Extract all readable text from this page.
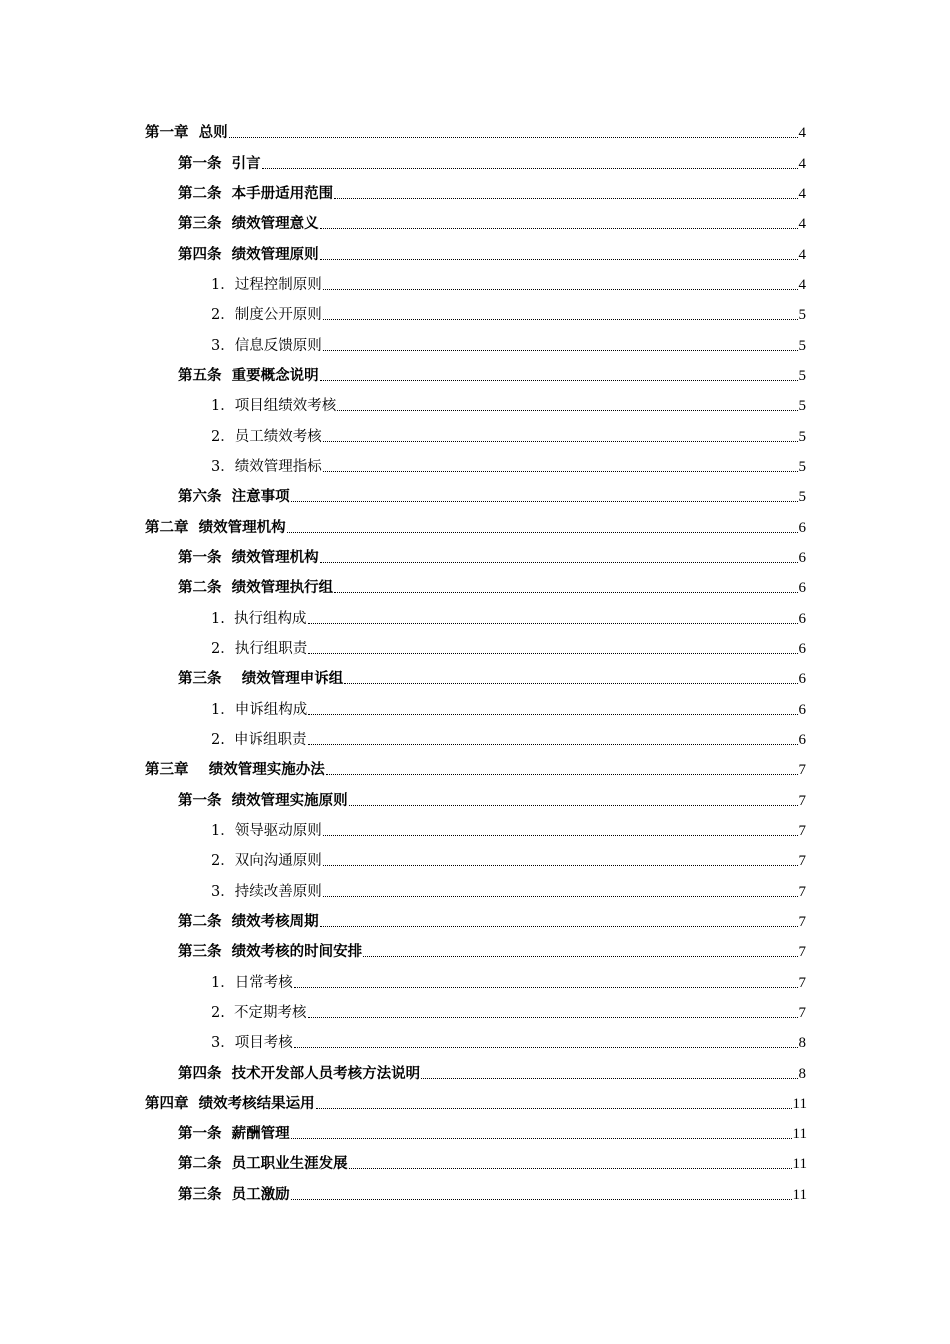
第一章  总则	4
第一条  引言	4
第二条  本手册适用范围	4
第三条  绩效管理意义	4
第四条  绩效管理原则	4
1．过程控制原则	4
2．制度公开原则	5
3．信息反馈原则	5
第五条  重要概念说明	5
1．项目组绩效考核	5
2．员工绩效考核	5
3．绩效管理指标	5
第六条  注意事项	5
第二章  绩效管理机构	6
第一条  绩效管理机构	6
第二条  绩效管理执行组	6
1.  执行组构成	6
2．执行组职责	6
第三条    绩效管理申诉组	6
1．申诉组构成	6
2.  申诉组职责	6
第三章    绩效管理实施办法	7
第一条  绩效管理实施原则	7
1．领导驱动原则	7
2．双向沟通原则	7
3．持续改善原则	7
第二条  绩效考核周期	7
第三条  绩效考核的时间安排	7
1．日常考核	7
2.  不定期考核	7
3．项目考核	8
第四条  技术开发部人员考核方法说明	8
第四章  绩效考核结果运用	11
第一条  薪酬管理	11
第二条  员工职业生涯发展	11
第三条  员工激励	11
